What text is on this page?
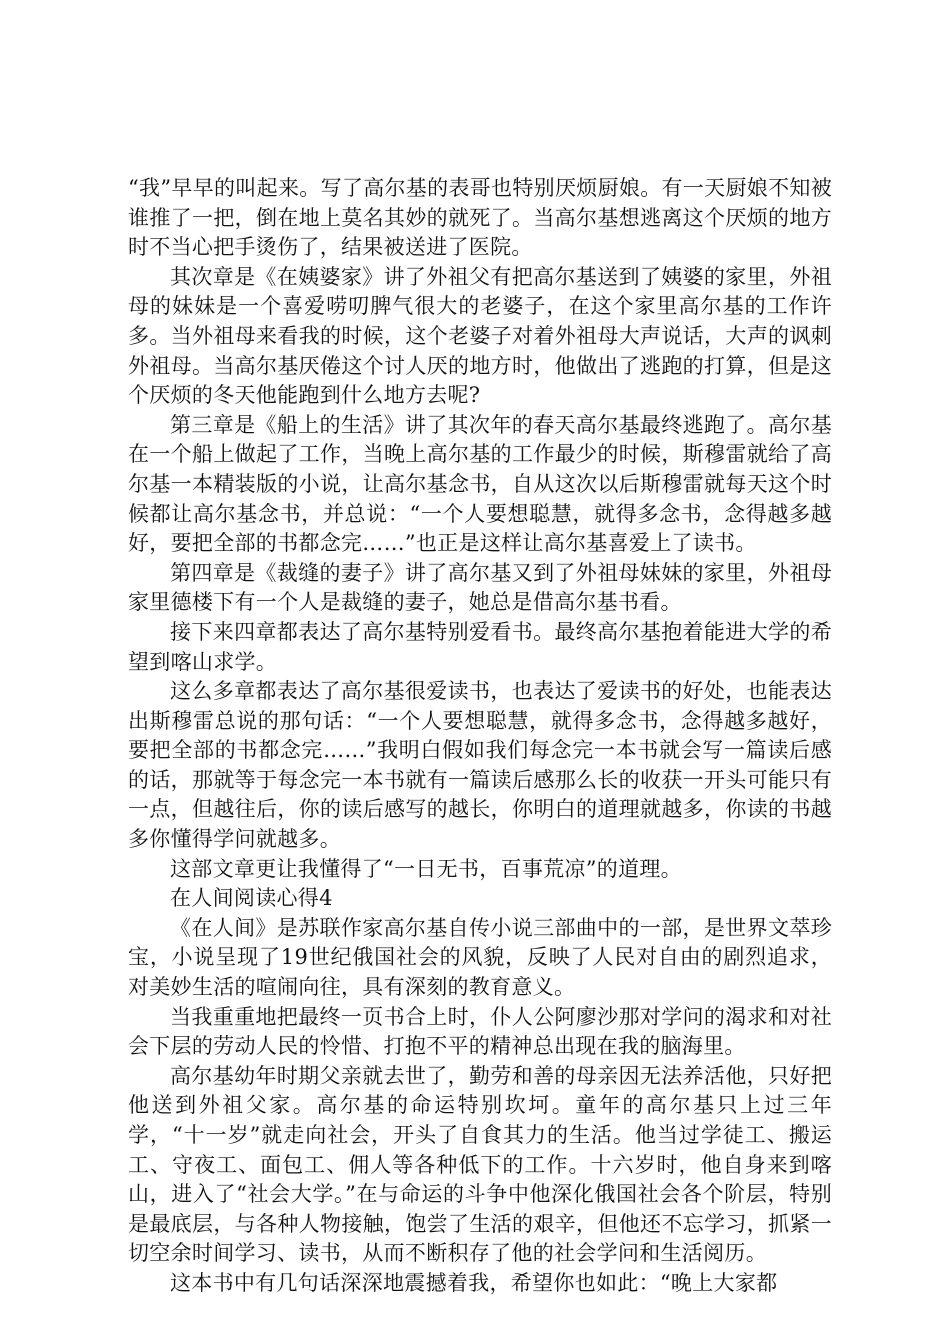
“我”早早的叫起来。写了高尔基的表哥也特别厌烦厨娘。有一天厨娘不知被谁推了一把，倒在地上莫名其妙的就死了。当高尔基想逃离这个厌烦的地方时不当心把手烫伤了，结果被送进了医院。

其次章是《在姨婆家》讲了外祖父有把高尔基送到了姨婆的家里，外祖母的妹妹是一个喜爱唠叨脾气很大的老婆子，在这个家里高尔基的工作许多。当外祖母来看我的时候，这个老婆子对着外祖母大声说话，大声的讽刺外祖母。当高尔基厌倦这个讨人厌的地方时，他做出了逃跑的打算，但是这个厌烦的冬天他能跑到什么地方去呢?

第三章是《船上的生活》讲了其次年的春天高尔基最终逃跑了。高尔基在一个船上做起了工作，当晚上高尔基的工作最少的时候，斯穆雷就给了高尔基一本精装版的小说，让高尔基念书，自从这次以后斯穆雷就每天这个时候都让高尔基念书，并总说：“一个人要想聪慧，就得多念书，念得越多越好，要把全部的书都念完……”也正是这样让高尔基喜爱上了读书。

第四章是《裁缝的妻子》讲了高尔基又到了外祖母妹妹的家里，外祖母家里德楼下有一个人是裁缝的妻子，她总是借高尔基书看。

接下来四章都表达了高尔基特别爱看书。最终高尔基抱着能进大学的希望到喀山求学。

这么多章都表达了高尔基很爱读书，也表达了爱读书的好处，也能表达出斯穆雷总说的那句话：“一个人要想聪慧，就得多念书，念得越多越好，要把全部的书都念完……”我明白假如我们每念完一本书就会写一篇读后感的话，那就等于每念完一本书就有一篇读后感那么长的收获一开头可能只有一点，但越往后，你的读后感写的越长，你明白的道理就越多，你读的书越多你懂得学问就越多。

这部文章更让我懂得了“一日无书，百事荒凉”的道理。

在人间阅读心得4

《在人间》是苏联作家高尔基自传小说三部曲中的一部，是世界文萃珍宝，小说呈现了19世纪俄国社会的风貌，反映了人民对自由的剧烈追求，对美妙生活的喧闹向往，具有深刻的教育意义。

当我重重地把最终一页书合上时，仆人公阿廖沙那对学问的渴求和对社会下层的劳动人民的怜惜、打抱不平的精神总出现在我的脑海里。

高尔基幼年时期父亲就去世了，勤劳和善的母亲因无法养活他，只好把他送到外祖父家。高尔基的命运特别坎坷。童年的高尔基只上过三年学，“十一岁”就走向社会，开头了自食其力的生活。他当过学徒工、搬运工、守夜工、面包工、佣人等各种低下的工作。十六岁时，他自身来到喀山，进入了“社会大学。”在与命运的斗争中他深化俄国社会各个阶层，特别是最底层，与各种人物接触，饱尝了生活的艰辛，但他还不忘学习，抓紧一切空余时间学习、读书，从而不断积存了他的社会学问和生活阅历。

这本书中有几句话深深地震撼着我，希望你也如此：“晚上大家都
